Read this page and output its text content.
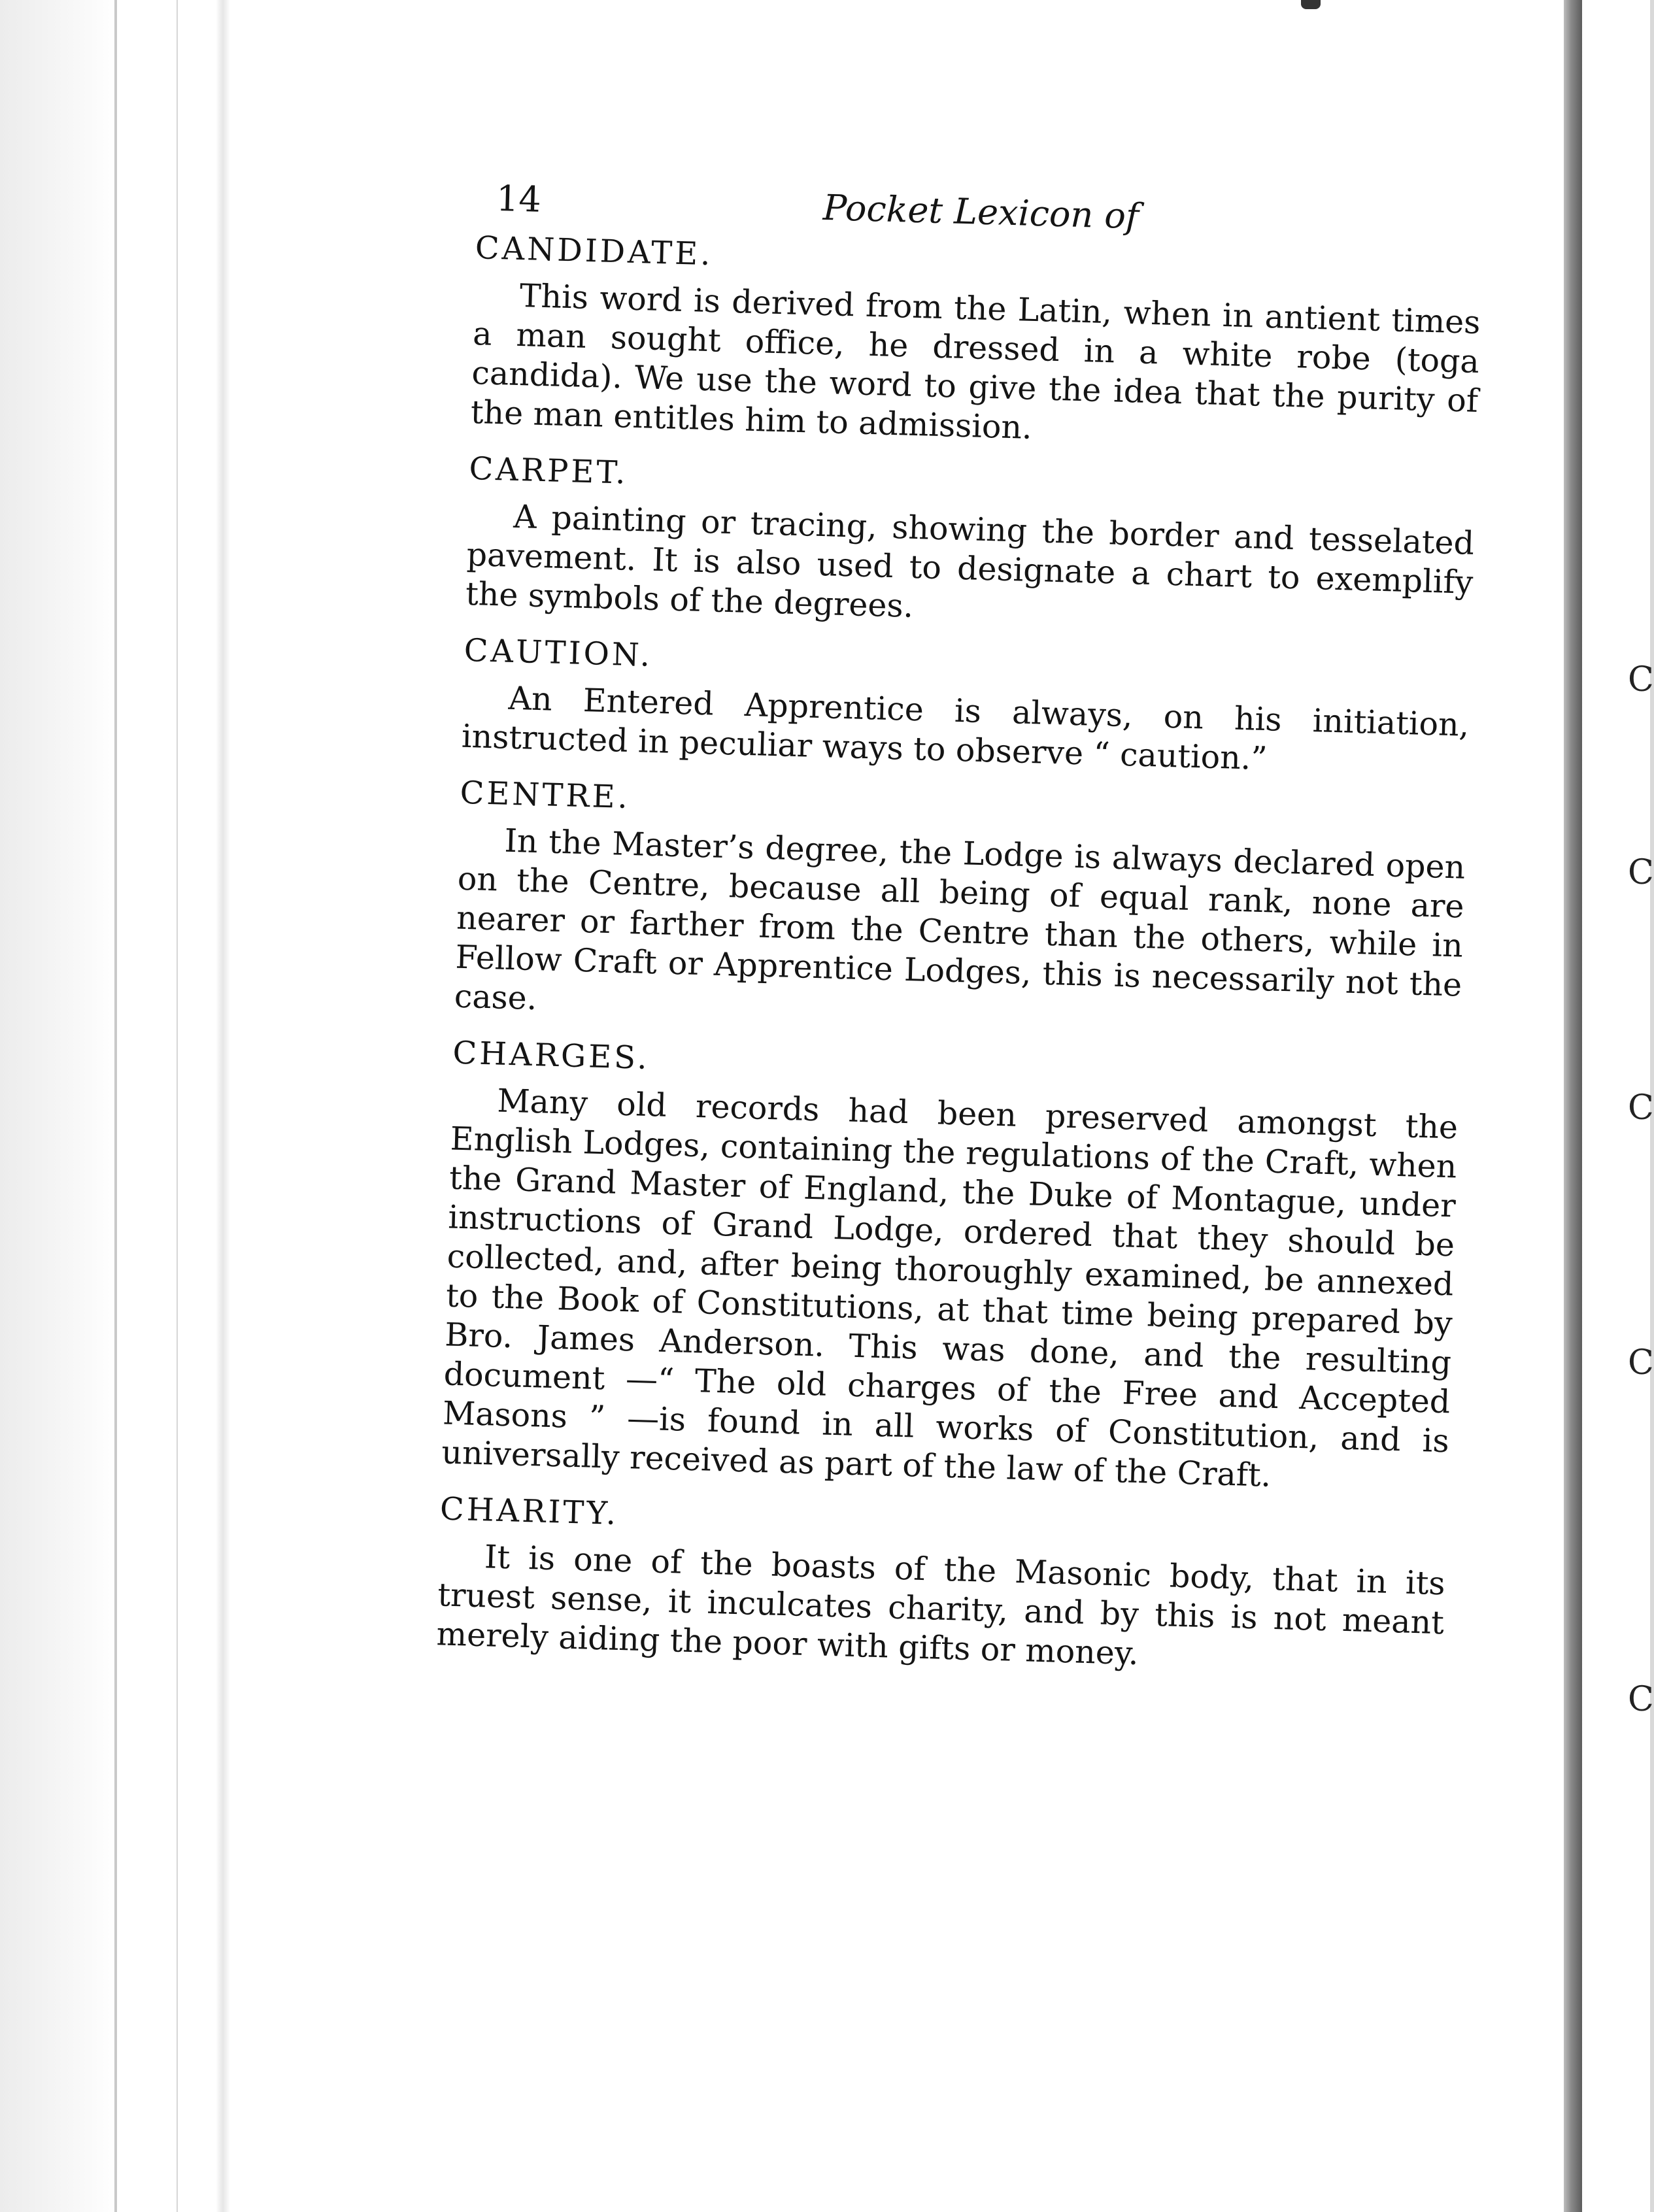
C
C
C
C
C
14	Pocket Lexicon of
CANDIDATE.

This word is derived from the Latin, when in antient times a man sought office, he dressed in a white robe (toga candida). We use the word to give the idea that the purity of the man entitles him to admission.

CARPET.

A painting or tracing, showing the border and tesselated pavement. It is also used to designate a chart to exemplify the symbols of the degrees.

CAUTION.

An Entered Apprentice is always, on his initiation, instructed in peculiar ways to observe “ caution.”

CENTRE.

In the Master’s degree, the Lodge is always declared open on the Centre, because all being of equal rank, none are nearer or farther from the Centre than the others, while in Fellow Craft or Apprentice Lodges, this is necessarily not the case.

CHARGES.

Many old records had been preserved amongst the English Lodges, containing the regulations of the Craft, when the Grand Master of England, the Duke of Montague, under instructions of Grand Lodge, ordered that they should be collected, and, after being thoroughly examined, be annexed to the Book of Constitutions, at that time being prepared by Bro. James Anderson. This was done, and the resulting document —“ The old charges of the Free and Accepted Masons ” —is found in all works of Constitution, and is universally received as part of the law of the Craft.

CHARITY.

It is one of the boasts of the Masonic body, that in its truest sense, it inculcates charity, and by this is not meant merely aiding the poor with gifts or money.
